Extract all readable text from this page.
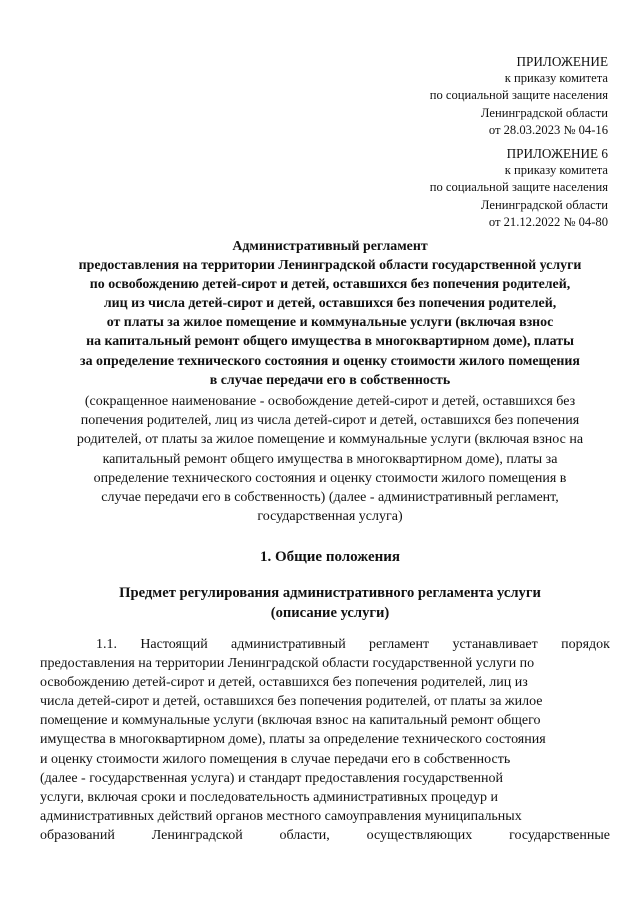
ПРИЛОЖЕНИЕ
к приказу комитета
по социальной защите населения
Ленинградской области
от 28.03.2023 № 04-16
ПРИЛОЖЕНИЕ 6
к приказу комитета
по социальной защите населения
Ленинградской области
от 21.12.2022 № 04-80
Административный регламент
предоставления на территории Ленинградской области государственной услуги
по освобождению детей-сирот и детей, оставшихся без попечения родителей,
лиц из числа детей-сирот и детей, оставшихся без попечения родителей,
от платы за жилое помещение и коммунальные услуги (включая взнос
на капитальный ремонт общего имущества в многоквартирном доме), платы
за определение технического состояния и оценку стоимости жилого помещения
в случае передачи его в собственность
(сокращенное наименование - освобождение детей-сирот и детей, оставшихся без
попечения родителей, лиц из числа детей-сирот и детей, оставшихся без попечения
родителей, от платы за жилое помещение и коммунальные услуги (включая взнос на
капитальный ремонт общего имущества в многоквартирном доме), платы за
определение технического состояния и оценку стоимости жилого помещения в
случае передачи его в собственность) (далее - административный регламент,
государственная услуга)
1. Общие положения
Предмет регулирования административного регламента услуги
(описание услуги)
1.1. Настоящий административный регламент устанавливает порядок
предоставления на территории Ленинградской области государственной услуги по
освобождению детей-сирот и детей, оставшихся без попечения родителей, лиц из
числа детей-сирот и детей, оставшихся без попечения родителей, от платы за жилое
помещение и коммунальные услуги (включая взнос на капитальный ремонт общего
имущества в многоквартирном доме), платы за определение технического состояния
и оценку стоимости жилого помещения в случае передачи его в собственность
(далее - государственная услуга) и стандарт предоставления государственной
услуги, включая сроки и последовательность административных процедур и
административных действий органов местного самоуправления муниципальных
образований	Ленинградской	области,	осуществляющих	государственные
